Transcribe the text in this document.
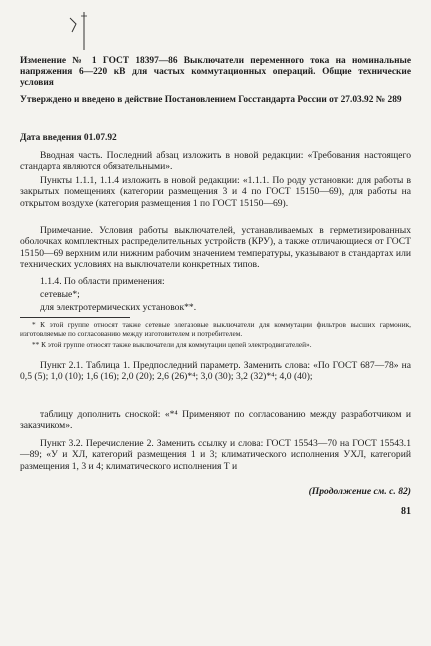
Изменение № 1 ГОСТ 18397—86 Выключатели переменного тока на номинальные напряжения 6—220 кВ для частых коммутационных операций. Общие технические условия
Утверждено и введено в действие Постановлением Госстандарта России от 27.03.92 № 289
Дата введения 01.07.92
Вводная часть. Последний абзац изложить в новой редакции: «Требования настоящего стандарта являются обязательными».
Пункты 1.1.1, 1.1.4 изложить в новой редакции: «1.1.1. По роду установки: для работы в закрытых помещениях (категории размещения 3 и 4 по ГОСТ 15150—69), для работы на открытом воздухе (категория размещения 1 по ГОСТ 15150—69).
Примечание. Условия работы выключателей, устанавливаемых в герметизированных оболочках комплектных распределительных устройств (КРУ), а также отличающиеся от ГОСТ 15150—69 верхним или нижним рабочим значением температуры, указывают в стандартах или технических условиях на выключатели конкретных типов.
1.1.4. По области применения:
сетевые*;
для электротермических установок**.
* К этой группе относят также сетевые элегазовые выключатели для коммутации фильтров высших гармоник, изготовляемые по согласованию между изготовителем и потребителем.
** К этой группе относят также выключатели для коммутации цепей электродвигателей».
Пункт 2.1. Таблица 1. Предпоследний параметр. Заменить слова: «По ГОСТ 687—78» на 0,5 (5); 1,0 (10); 1,6 (16); 2,0 (20); 2,6 (26)*⁴; 3,0 (30); 3,2 (32)*⁴; 4,0 (40);
таблицу дополнить сноской: «*⁴ Применяют по согласованию между разработчиком и заказчиком».
Пункт 3.2. Перечисление 2. Заменить ссылку и слова: ГОСТ 15543—70 на ГОСТ 15543.1—89; «У и ХЛ, категорий размещения 1 и 3; климатического исполнения УХЛ, категорий размещения 1, 3 и 4; климатического исполнения Т и
(Продолжение см. с. 82)
81
